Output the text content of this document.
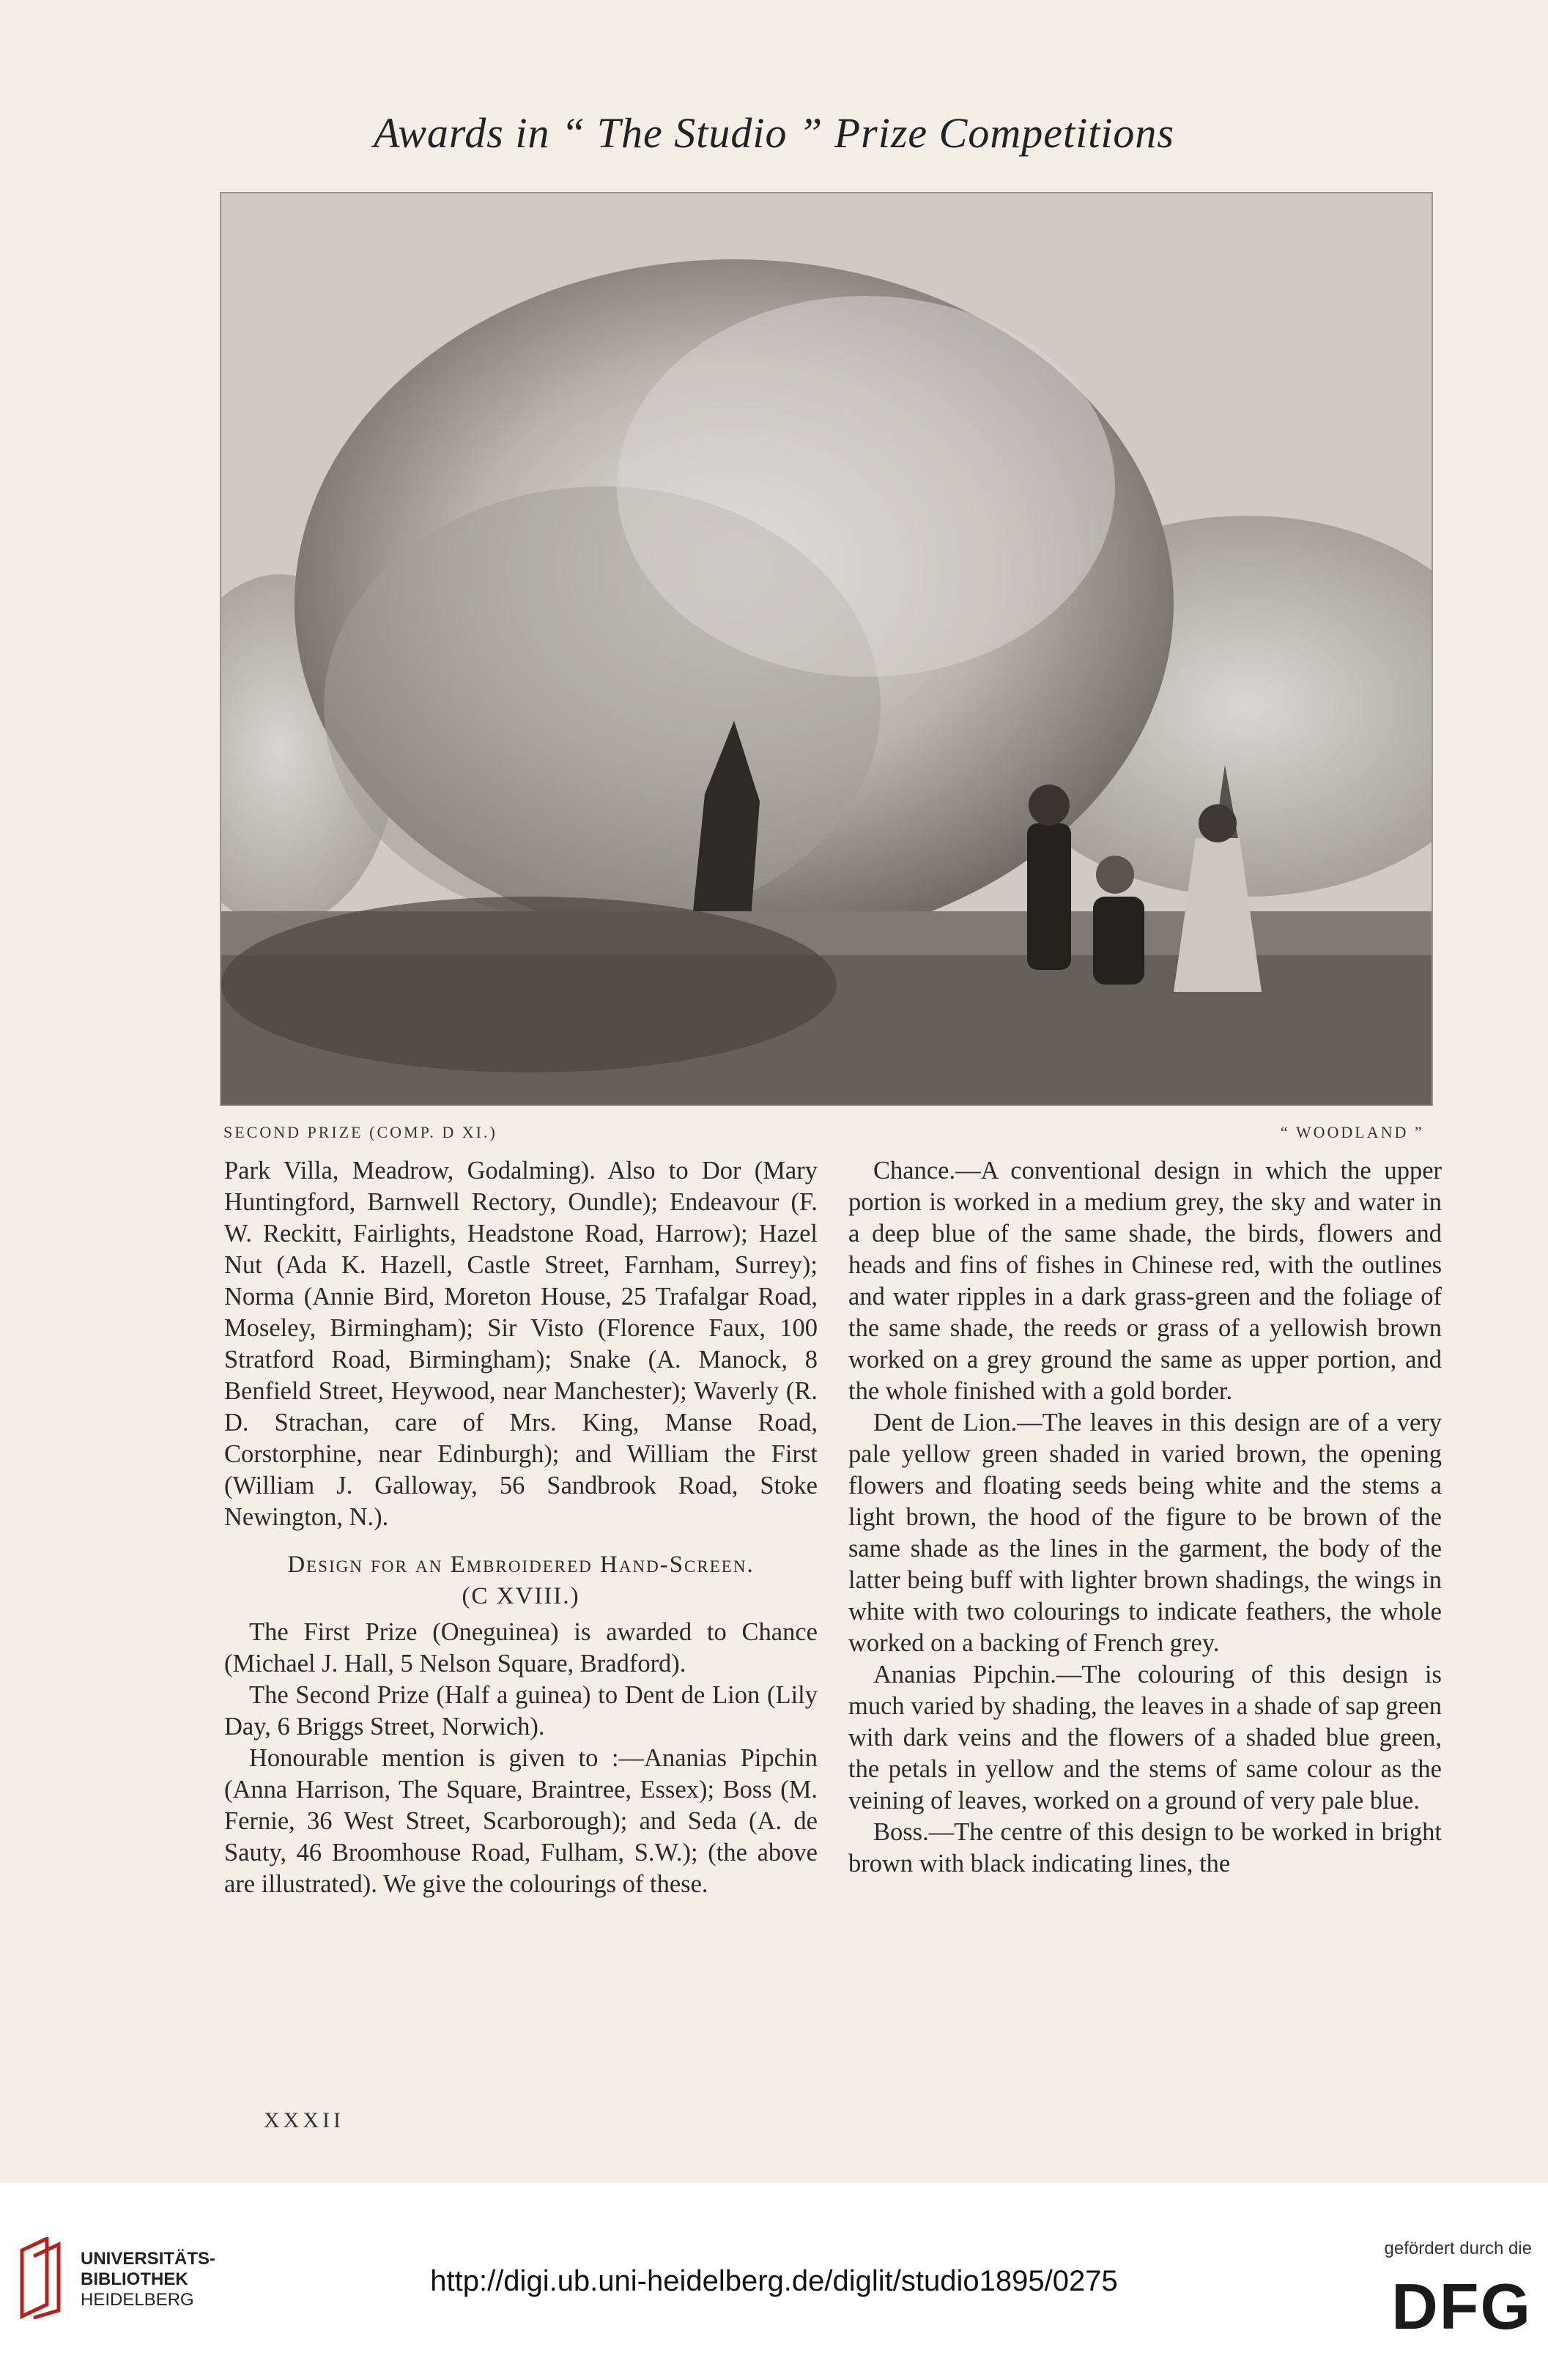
Awards in “ The Studio ” Prize Competitions
SECOND PRIZE (COMP. D XI.)	“ WOODLAND ”

Park Villa, Meadrow, Godalming). Also to Dor (Mary Huntingford, Barnwell Rectory, Oundle); Endeavour (F. W. Reckitt, Fairlights, Headstone Road, Harrow); Hazel Nut (Ada K. Hazell, Castle Street, Farnham, Surrey); Norma (Annie Bird, Moreton House, 25 Trafalgar Road, Moseley, Birmingham); Sir Visto (Florence Faux, 100 Stratford Road, Birmingham); Snake (A. Manock, 8 Benfield Street, Heywood, near Manchester); Waverly (R. D. Strachan, care of Mrs. King, Manse Road, Corstorphine, near Edinburgh); and William the First (William J. Galloway, 56 Sandbrook Road, Stoke Newington, N.).

Design for an Embroidered Hand-Screen.

(C XVIII.)

The First Prize (Oneguinea) is awarded to Chance (Michael J. Hall, 5 Nelson Square, Bradford).

The Second Prize (Half a guinea) to Dent de Lion (Lily Day, 6 Briggs Street, Norwich).

Honourable mention is given to :—Ananias Pipchin (Anna Harrison, The Square, Braintree, Essex); Boss (M. Fernie, 36 West Street, Scarborough); and Seda (A. de Sauty, 46 Broomhouse Road, Fulham, S.W.); (the above are illustrated). We give the colourings of these.

Chance.—A conventional design in which the upper portion is worked in a medium grey, the sky and water in a deep blue of the same shade, the birds, flowers and heads and fins of fishes in Chinese red, with the outlines and water ripples in a dark grass-green and the foliage of the same shade, the reeds or grass of a yellowish brown worked on a grey ground the same as upper portion, and the whole finished with a gold border.

Dent de Lion.—The leaves in this design are of a very pale yellow green shaded in varied brown, the opening flowers and floating seeds being white and the stems a light brown, the hood of the figure to be brown of the same shade as the lines in the garment, the body of the latter being buff with lighter brown shadings, the wings in white with two colourings to indicate feathers, the whole worked on a backing of French grey.

Ananias Pipchin.—The colouring of this design is much varied by shading, the leaves in a shade of sap green with dark veins and the flowers of a shaded blue green, the petals in yellow and the stems of same colour as the veining of leaves, worked on a ground of very pale blue.

Boss.—The centre of this design to be worked in bright brown with black indicating lines, the

XXXII
UNIVERSITÄTS-
BIBLIOTHEK
HEIDELBERG
http://digi.ub.uni-heidelberg.de/diglit/studio1895/0275
gefördert durch die
DFG
